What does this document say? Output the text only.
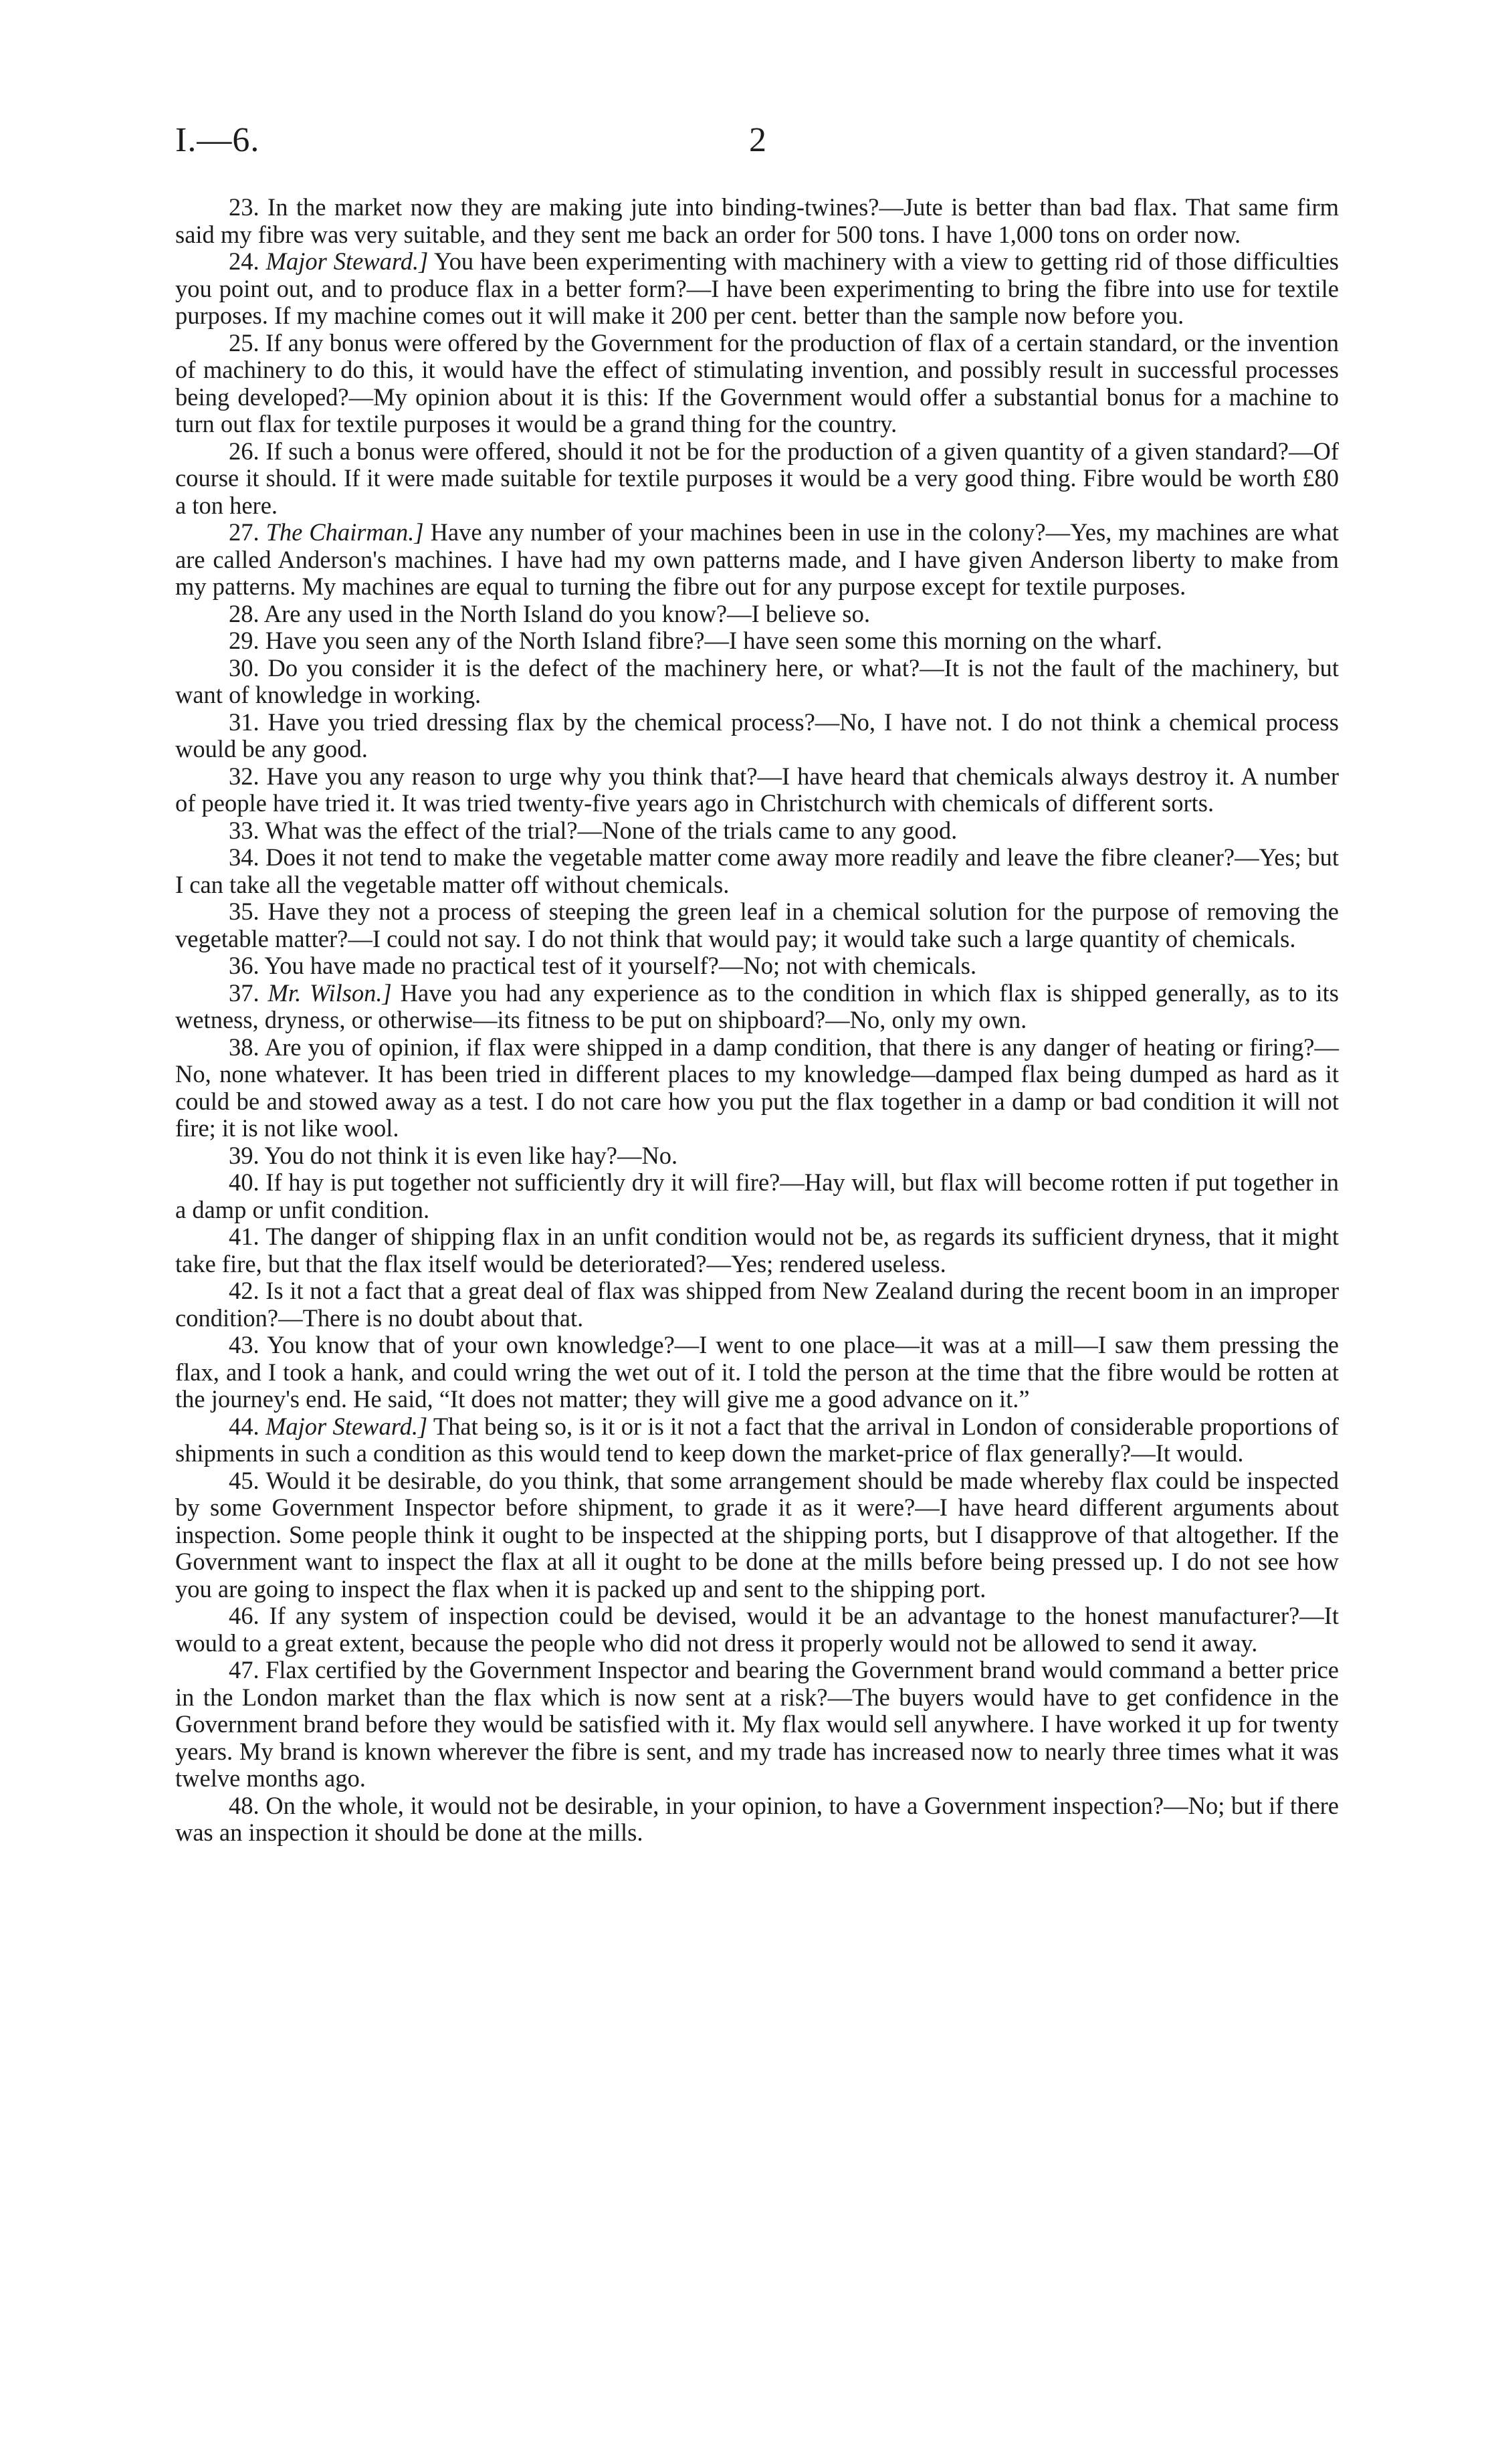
I.—6.	2

23. In the market now they are making jute into binding-twines?—Jute is better than bad flax. That same firm said my fibre was very suitable, and they sent me back an order for 500 tons. I have 1,000 tons on order now.

24. Major Steward.] You have been experimenting with machinery with a view to getting rid of those difficulties you point out, and to produce flax in a better form?—I have been experimenting to bring the fibre into use for textile purposes. If my machine comes out it will make it 200 per cent. better than the sample now before you.

25. If any bonus were offered by the Government for the production of flax of a certain standard, or the invention of machinery to do this, it would have the effect of stimulating invention, and possibly result in successful processes being developed?—My opinion about it is this: If the Government would offer a substantial bonus for a machine to turn out flax for textile purposes it would be a grand thing for the country.

26. If such a bonus were offered, should it not be for the production of a given quantity of a given standard?—Of course it should. If it were made suitable for textile purposes it would be a very good thing. Fibre would be worth £80 a ton here.

27. The Chairman.] Have any number of your machines been in use in the colony?—Yes, my machines are what are called Anderson's machines. I have had my own patterns made, and I have given Anderson liberty to make from my patterns. My machines are equal to turning the fibre out for any purpose except for textile purposes.

28. Are any used in the North Island do you know?—I believe so.

29. Have you seen any of the North Island fibre?—I have seen some this morning on the wharf.

30. Do you consider it is the defect of the machinery here, or what?—It is not the fault of the machinery, but want of knowledge in working.

31. Have you tried dressing flax by the chemical process?—No, I have not. I do not think a chemical process would be any good.

32. Have you any reason to urge why you think that?—I have heard that chemicals always destroy it. A number of people have tried it. It was tried twenty-five years ago in Christchurch with chemicals of different sorts.

33. What was the effect of the trial?—None of the trials came to any good.

34. Does it not tend to make the vegetable matter come away more readily and leave the fibre cleaner?—Yes; but I can take all the vegetable matter off without chemicals.

35. Have they not a process of steeping the green leaf in a chemical solution for the purpose of removing the vegetable matter?—I could not say. I do not think that would pay; it would take such a large quantity of chemicals.

36. You have made no practical test of it yourself?—No; not with chemicals.

37. Mr. Wilson.] Have you had any experience as to the condition in which flax is shipped generally, as to its wetness, dryness, or otherwise—its fitness to be put on shipboard?—No, only my own.

38. Are you of opinion, if flax were shipped in a damp condition, that there is any danger of heating or firing?—No, none whatever. It has been tried in different places to my knowledge—damped flax being dumped as hard as it could be and stowed away as a test. I do not care how you put the flax together in a damp or bad condition it will not fire; it is not like wool.

39. You do not think it is even like hay?—No.

40. If hay is put together not sufficiently dry it will fire?—Hay will, but flax will become rotten if put together in a damp or unfit condition.

41. The danger of shipping flax in an unfit condition would not be, as regards its sufficient dryness, that it might take fire, but that the flax itself would be deteriorated?—Yes; rendered useless.

42. Is it not a fact that a great deal of flax was shipped from New Zealand during the recent boom in an improper condition?—There is no doubt about that.

43. You know that of your own knowledge?—I went to one place—it was at a mill—I saw them pressing the flax, and I took a hank, and could wring the wet out of it. I told the person at the time that the fibre would be rotten at the journey's end. He said, “It does not matter; they will give me a good advance on it.”

44. Major Steward.] That being so, is it or is it not a fact that the arrival in London of considerable proportions of shipments in such a condition as this would tend to keep down the market-price of flax generally?—It would.

45. Would it be desirable, do you think, that some arrangement should be made whereby flax could be inspected by some Government Inspector before shipment, to grade it as it were?—I have heard different arguments about inspection. Some people think it ought to be inspected at the shipping ports, but I disapprove of that altogether. If the Government want to inspect the flax at all it ought to be done at the mills before being pressed up. I do not see how you are going to inspect the flax when it is packed up and sent to the shipping port.

46. If any system of inspection could be devised, would it be an advantage to the honest manufacturer?—It would to a great extent, because the people who did not dress it properly would not be allowed to send it away.

47. Flax certified by the Government Inspector and bearing the Government brand would command a better price in the London market than the flax which is now sent at a risk?—The buyers would have to get confidence in the Government brand before they would be satisfied with it. My flax would sell anywhere. I have worked it up for twenty years. My brand is known wherever the fibre is sent, and my trade has increased now to nearly three times what it was twelve months ago.

48. On the whole, it would not be desirable, in your opinion, to have a Government inspection?—No; but if there was an inspection it should be done at the mills.
